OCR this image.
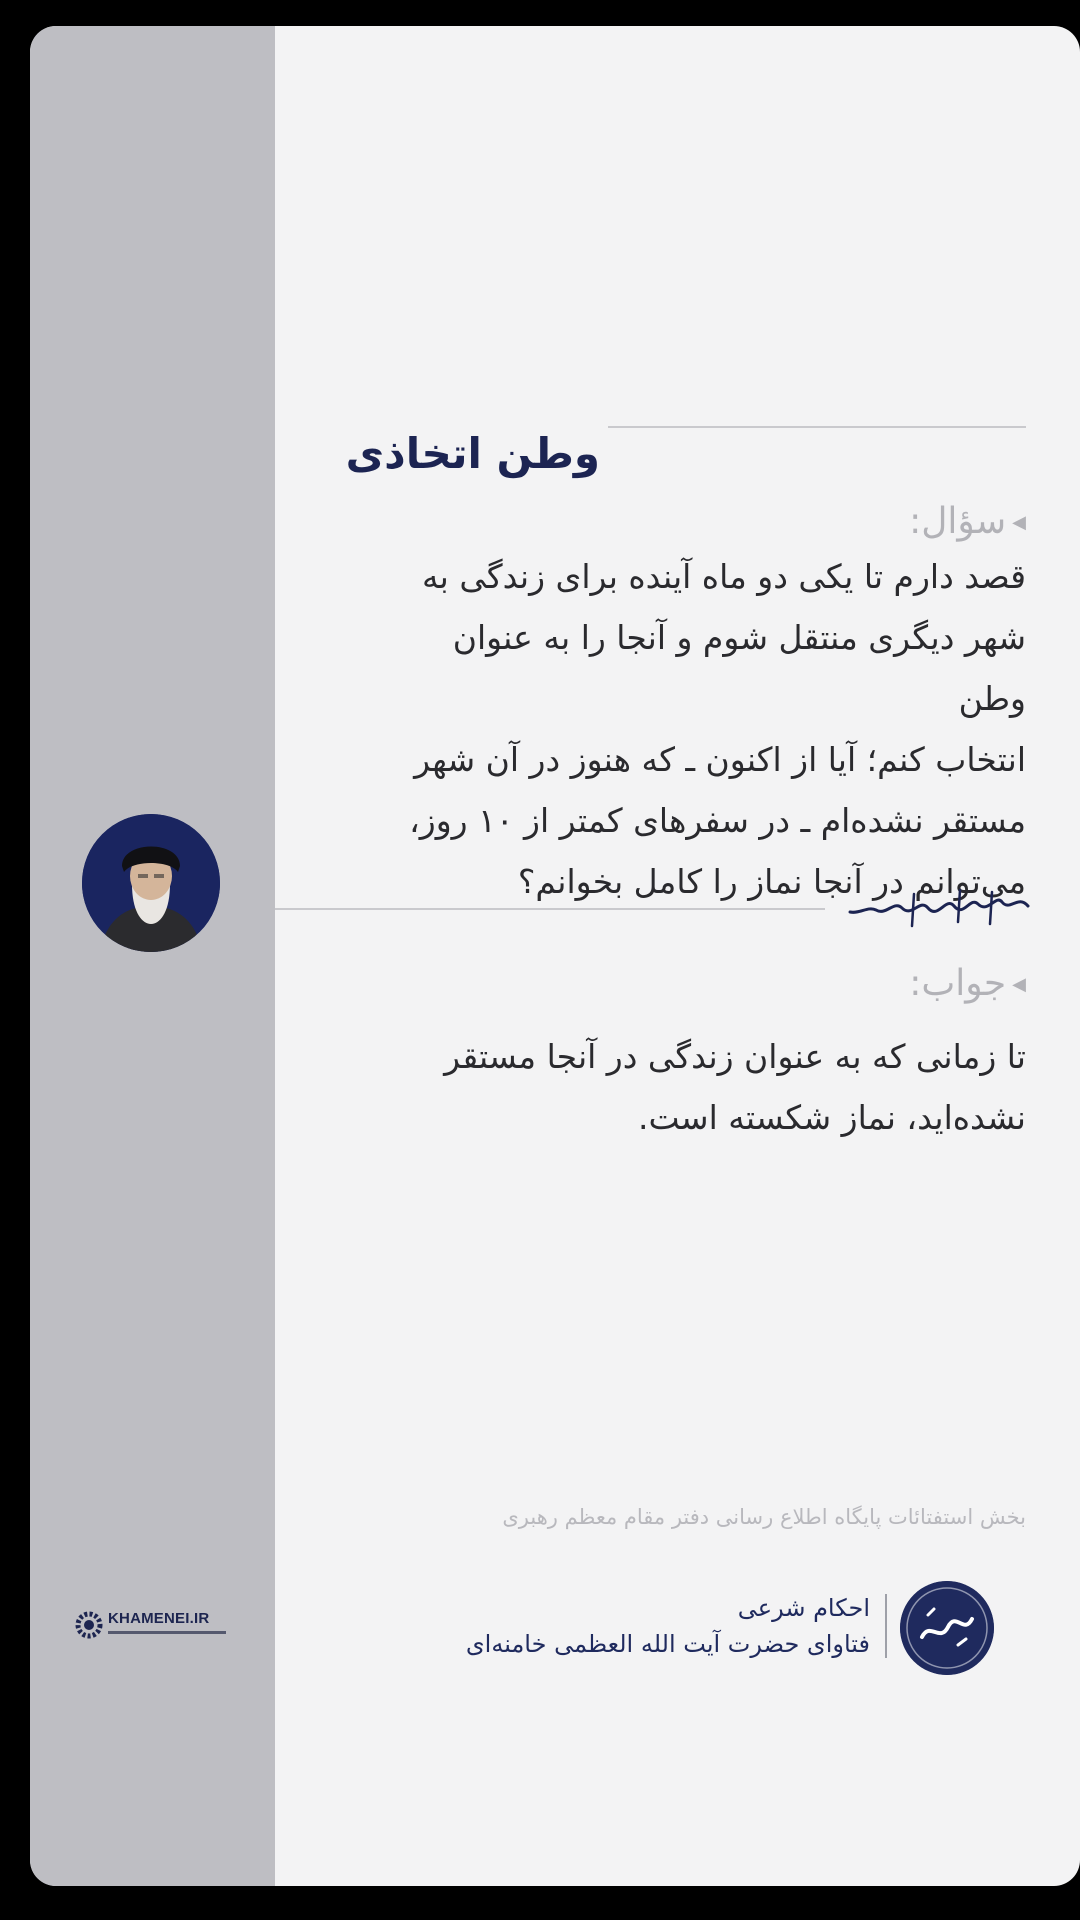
KHAMENEI.IR
وطن اتخاذی
◀سؤال:
قصد دارم تا یکی دو ماه آینده برای زندگی به
شهر دیگری منتقل شوم و آنجا را به عنوان وطن
انتخاب کنم؛ آیا از اکنون ـ که هنوز در آن شهر
مستقر نشده‌ام ـ در سفرهای کمتر از ۱۰ روز،
می‌توانم در آنجا نماز را کامل بخوانم؟
◀جواب:
تا زمانی که به عنوان زندگی در آنجا مستقر
نشده‌اید، نماز شکسته است.
بخش استفتائات پایگاه اطلاع رسانی دفتر مقام معظم رهبری
احکام شرعی
فتاوای حضرت آیت الله العظمی خامنه‌ای
